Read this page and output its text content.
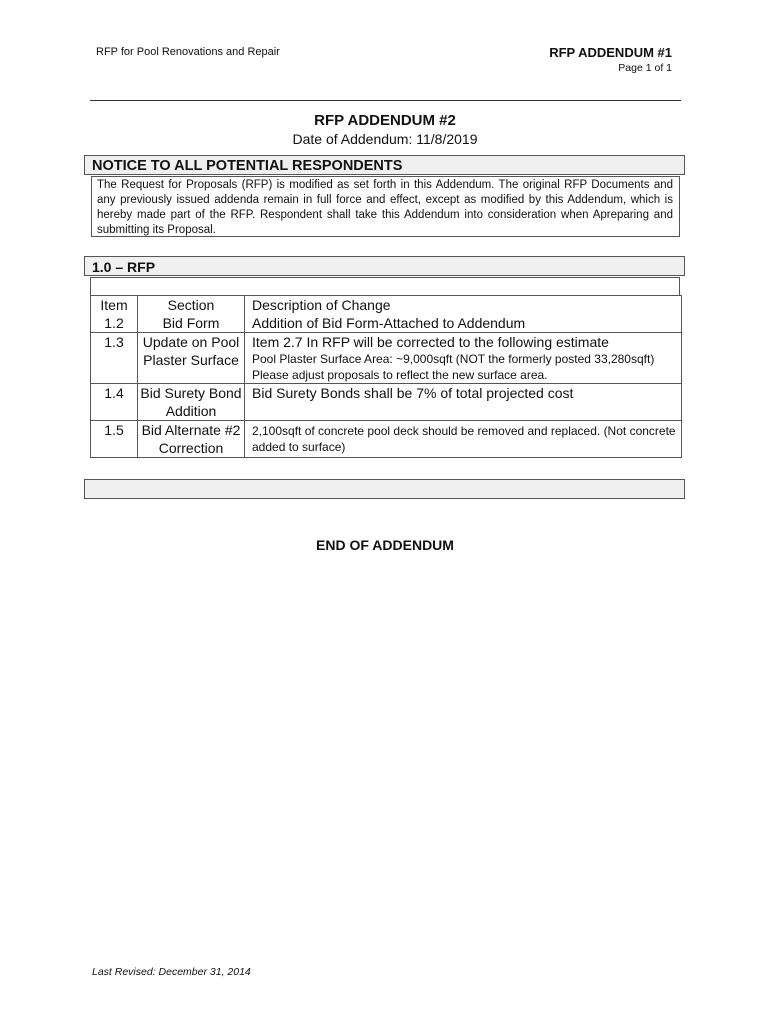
RFP for Pool Renovations and Repair	RFP ADDENDUM #1
Page 1 of 1
RFP ADDENDUM #2
Date of Addendum: 11/8/2019
NOTICE TO ALL POTENTIAL RESPONDENTS
The Request for Proposals (RFP) is modified as set forth in this Addendum. The original RFP Documents and any previously issued addenda remain in full force and effect, except as modified by this Addendum, which is hereby made part of the RFP. Respondent shall take this Addendum into consideration when Apreparing and submitting its Proposal.
1.0 – RFP
Item	Section	Description of Change
1.2	Bid Form	Addition of Bid Form-Attached to Addendum
1.3	Update on Pool Plaster Surface	Item 2.7 In RFP will be corrected to the following estimate
Pool Plaster Surface Area: ~9,000sqft (NOT the formerly posted 33,280sqft)
Please adjust proposals to reflect the new surface area.

1.4	Bid Surety Bond Addition	Bid Surety Bonds shall be 7% of total projected cost
1.5	Bid Alternate #2 Correction	2,100sqft of concrete pool deck should be removed and replaced. (Not concrete added to surface)
END OF ADDENDUM
Last Revised: December 31, 2014
